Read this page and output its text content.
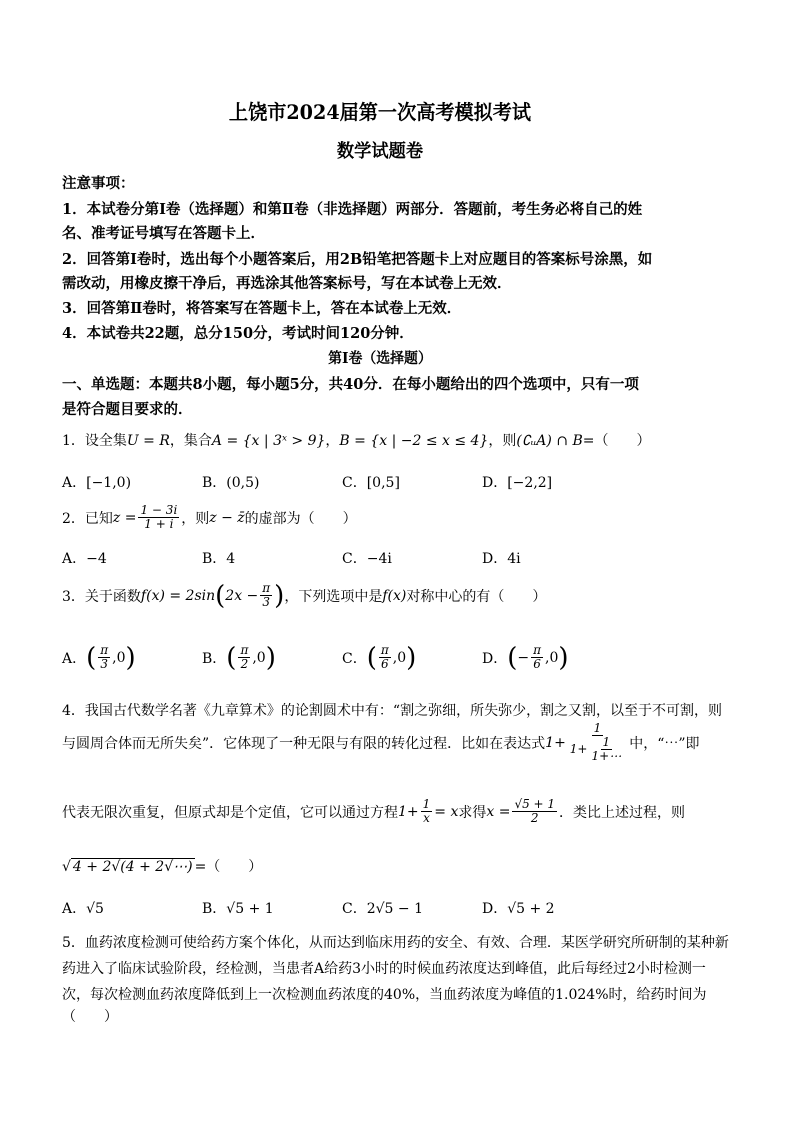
上饶市2024届第一次高考模拟考试
数学试题卷
注意事项：
1．本试卷分第Ⅰ卷（选择题）和第Ⅱ卷（非选择题）两部分．答题前，考生务必将自己的姓
名、准考证号填写在答题卡上．
2．回答第Ⅰ卷时，选出每个小题答案后，用2B铅笔把答题卡上对应题目的答案标号涂黑，如
需改动，用橡皮擦干净后，再选涂其他答案标号，写在本试卷上无效．
3．回答第Ⅱ卷时，将答案写在答题卡上，答在本试卷上无效．
4．本试卷共22题，总分150分，考试时间120分钟．
第Ⅰ卷（选择题）
一、单选题：本题共8小题，每小题5分，共40分．在每小题给出的四个选项中，只有一项
是符合题目要求的．
1．设全集U = R，集合A = {x | 3ˣ > 9}，B = {x | −2 ≤ x ≤ 4}，则(∁ᵤA) ∩ B=（　　）
A．[−1,0)	B．(0,5)	C．[0,5]	D．[−2,2]
2．已知 $z = \frac{1 - 3i}{1 + i}$ ，则 z − z̄ 的虚部为（　　）
A．−4	B．4	C．−4i	D．4i
3．关于函数 f(x) = 2sin ( $2x - \frac{\pi}{3}$ ) ，下列选项中是 f(x) 对称中心的有（　　）
A． ( $\frac{\pi}{3} ,0$ )	B． ( $\frac{\pi}{2} ,0$ )	C． ( $\frac{\pi}{6} ,0$ )	D． ( − $\frac{\pi}{6} ,0$ )
4．我国古代数学名著《九章算术》的论割圆术中有：“割之弥细，所失弥少，割之又割，以至于不可割，则
与圆周合体而无所失矣”．它体现了一种无限与有限的转化过程．比如在表达式 $1+ \frac{1}{1+ \frac{1}{1+\cdots}}$ 中，“⋯”即
代表无限次重复，但原式却是个定值，它可以通过方程 $1+ \frac{1}{x} = x$ 求得 $x = \frac{√5 + 1}{2}$ ．类比上述过程，则
√ 4 + 2√(4 + 2√⋯) =（　　）
A．√5	B．√5 + 1	C．2√5 − 1	D．√5 + 2
5．血药浓度检测可使给药方案个体化，从而达到临床用药的安全、有效、合理．某医学研究所研制的某种新
药进入了临床试验阶段，经检测，当患者A给药3小时的时候血药浓度达到峰值，此后每经过2小时检测一
次，每次检测血药浓度降低到上一次检测血药浓度的40%，当血药浓度为峰值的1.024%时，给药时间为
（　　）
